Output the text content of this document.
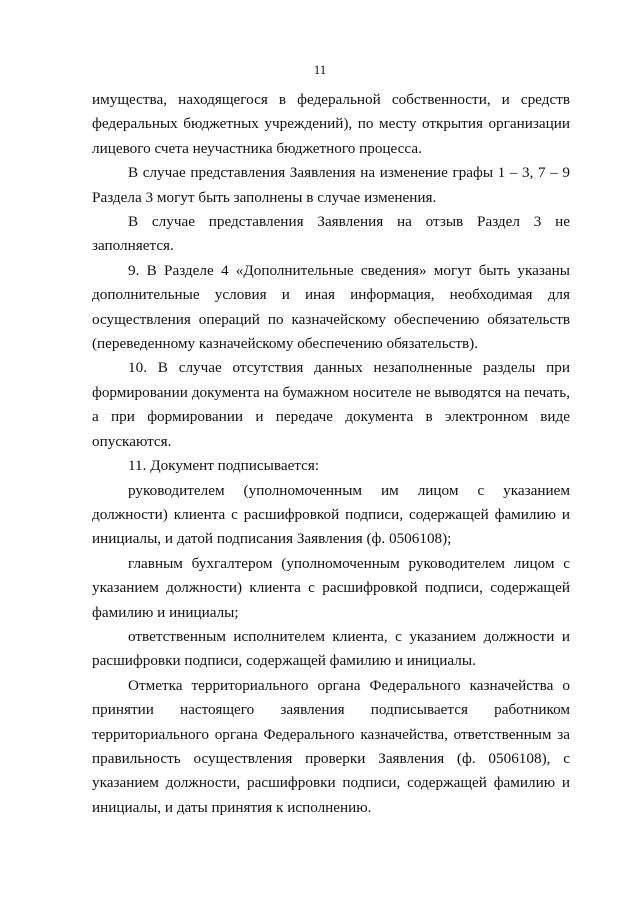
11

имущества, находящегося в федеральной собственности, и средств федеральных бюджетных учреждений), по месту открытия организации лицевого счета неучастника бюджетного процесса.

В случае представления Заявления на изменение графы 1 – 3, 7 – 9 Раздела 3 могут быть заполнены в случае изменения.

В случае представления Заявления на отзыв Раздел 3 не заполняется.

9. В Разделе 4 «Дополнительные сведения» могут быть указаны дополнительные условия и иная информация, необходимая для осуществления операций по казначейскому обеспечению обязательств (переведенному казначейскому обеспечению обязательств).

10. В случае отсутствия данных незаполненные разделы при формировании документа на бумажном носителе не выводятся на печать, а при формировании и передаче документа в электронном виде опускаются.

11. Документ подписывается:

руководителем (уполномоченным им лицом с указанием должности) клиента с расшифровкой подписи, содержащей фамилию и инициалы, и датой подписания Заявления (ф. 0506108);

главным бухгалтером (уполномоченным руководителем лицом с указанием должности) клиента с расшифровкой подписи, содержащей фамилию и инициалы;

ответственным исполнителем клиента, с указанием должности и расшифровки подписи, содержащей фамилию и инициалы.

Отметка территориального органа Федерального казначейства о принятии настоящего заявления подписывается работником территориального органа Федерального казначейства, ответственным за правильность осуществления проверки Заявления (ф. 0506108), с указанием должности, расшифровки подписи, содержащей фамилию и инициалы, и даты принятия к исполнению.
